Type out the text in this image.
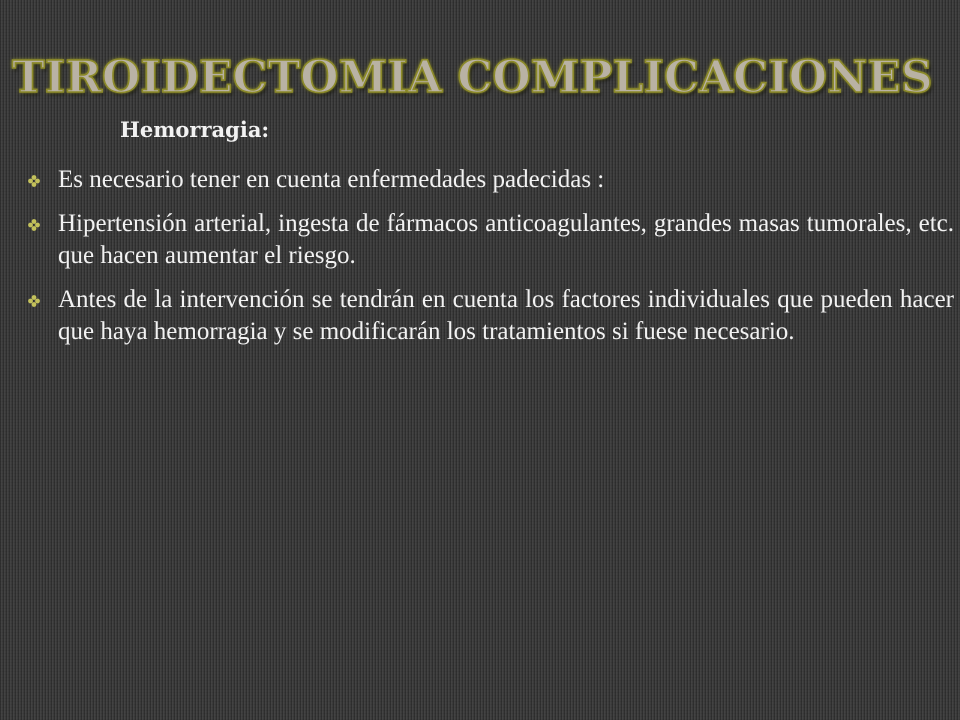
TIROIDECTOMIA COMPLICACIONES
Hemorragia:
Es necesario tener en cuenta enfermedades padecidas :
Hipertensión arterial, ingesta de fármacos anticoagulantes, grandes masas tumorales, etc. que hacen aumentar el riesgo.
Antes de la intervención se tendrán en cuenta los factores individuales que pueden hacer que haya hemorragia y se modificarán los tratamientos si fuese necesario.
